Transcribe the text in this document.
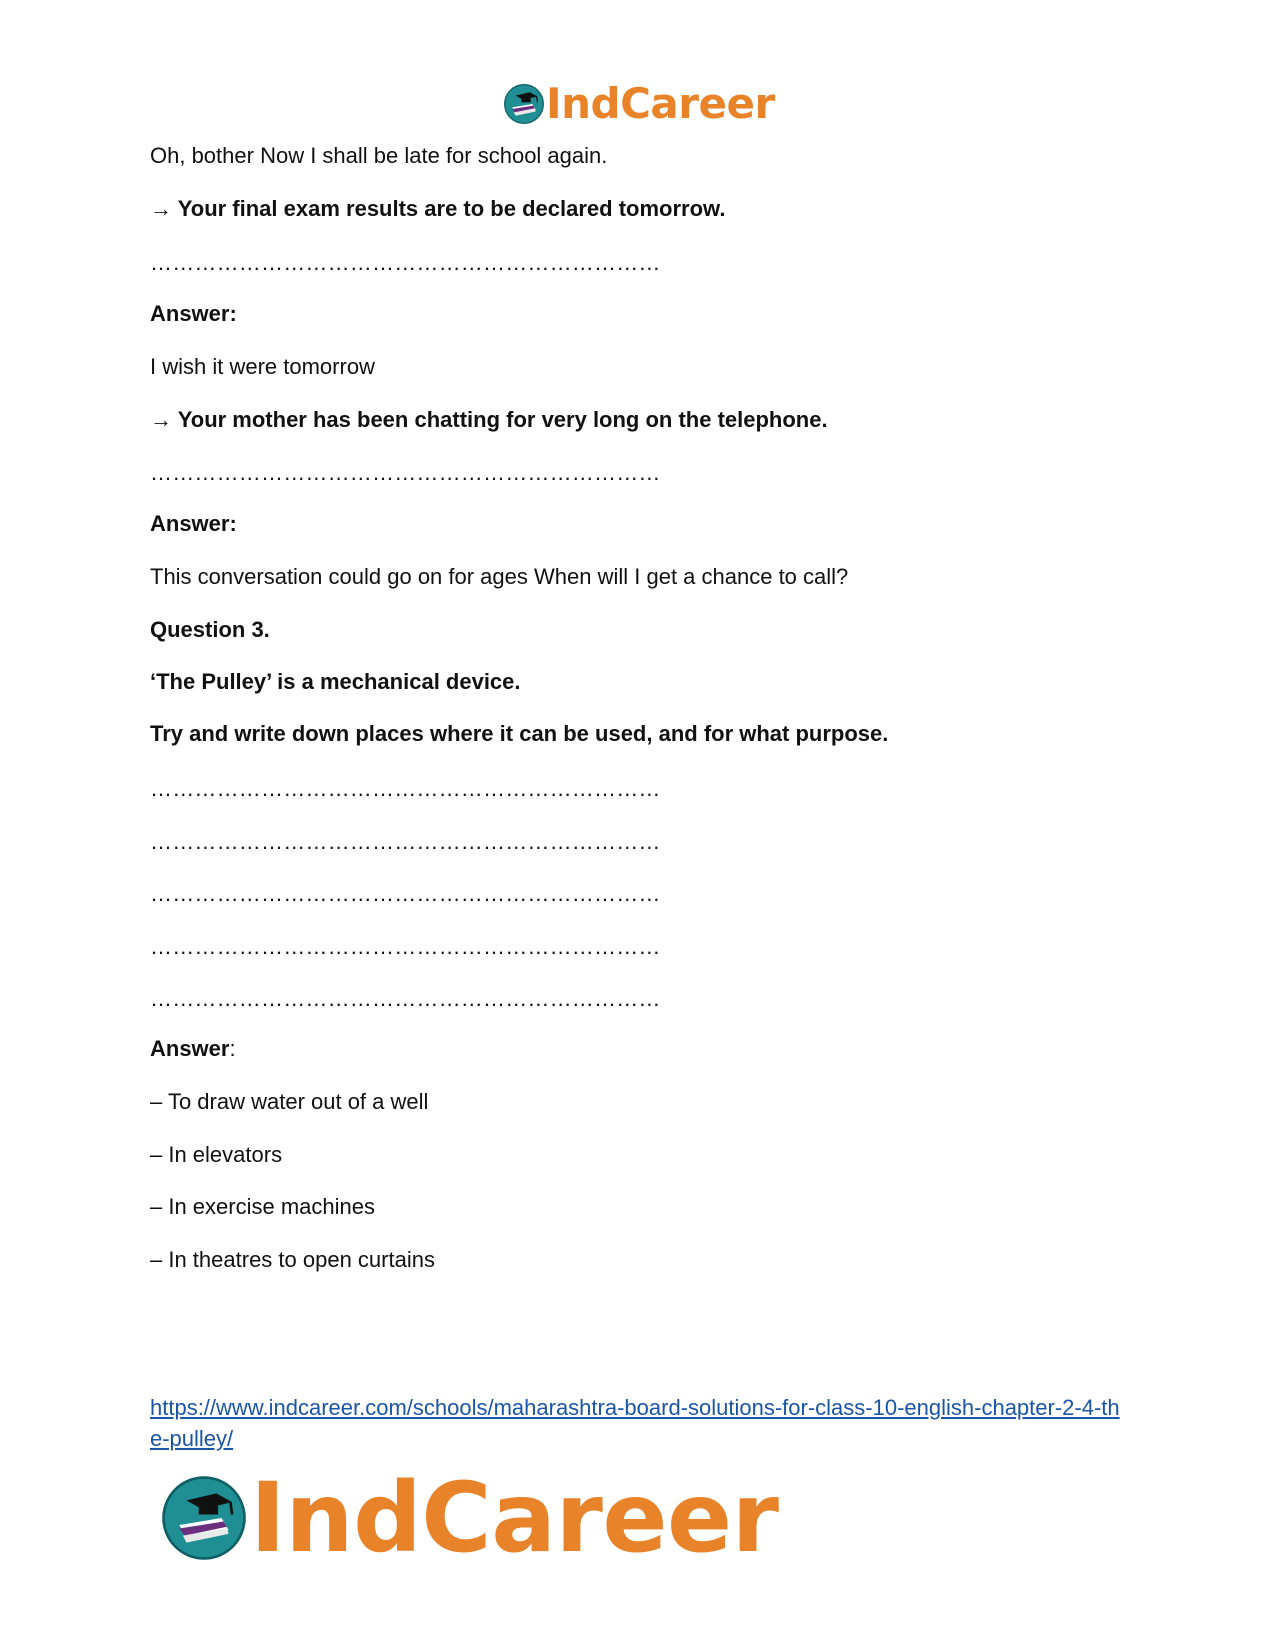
IndCareer
Oh, bother Now I shall be late for school again.
→ Your final exam results are to be declared tomorrow.
……………………………………………………………
Answer:
I wish it were tomorrow
→ Your mother has been chatting for very long on the telephone.
……………………………………………………………
Answer:
This conversation could go on for ages When will I get a chance to call?
Question 3.
‘The Pulley’ is a mechanical device.
Try and write down places where it can be used, and for what purpose.
……………………………………………………………
……………………………………………………………
……………………………………………………………
……………………………………………………………
……………………………………………………………
Answer:
– To draw water out of a well
– In elevators
– In exercise machines
– In theatres to open curtains
https://www.indcareer.com/schools/maharashtra-board-solutions-for-class-10-english-chapter-2-4-the-pulley/
IndCareer
